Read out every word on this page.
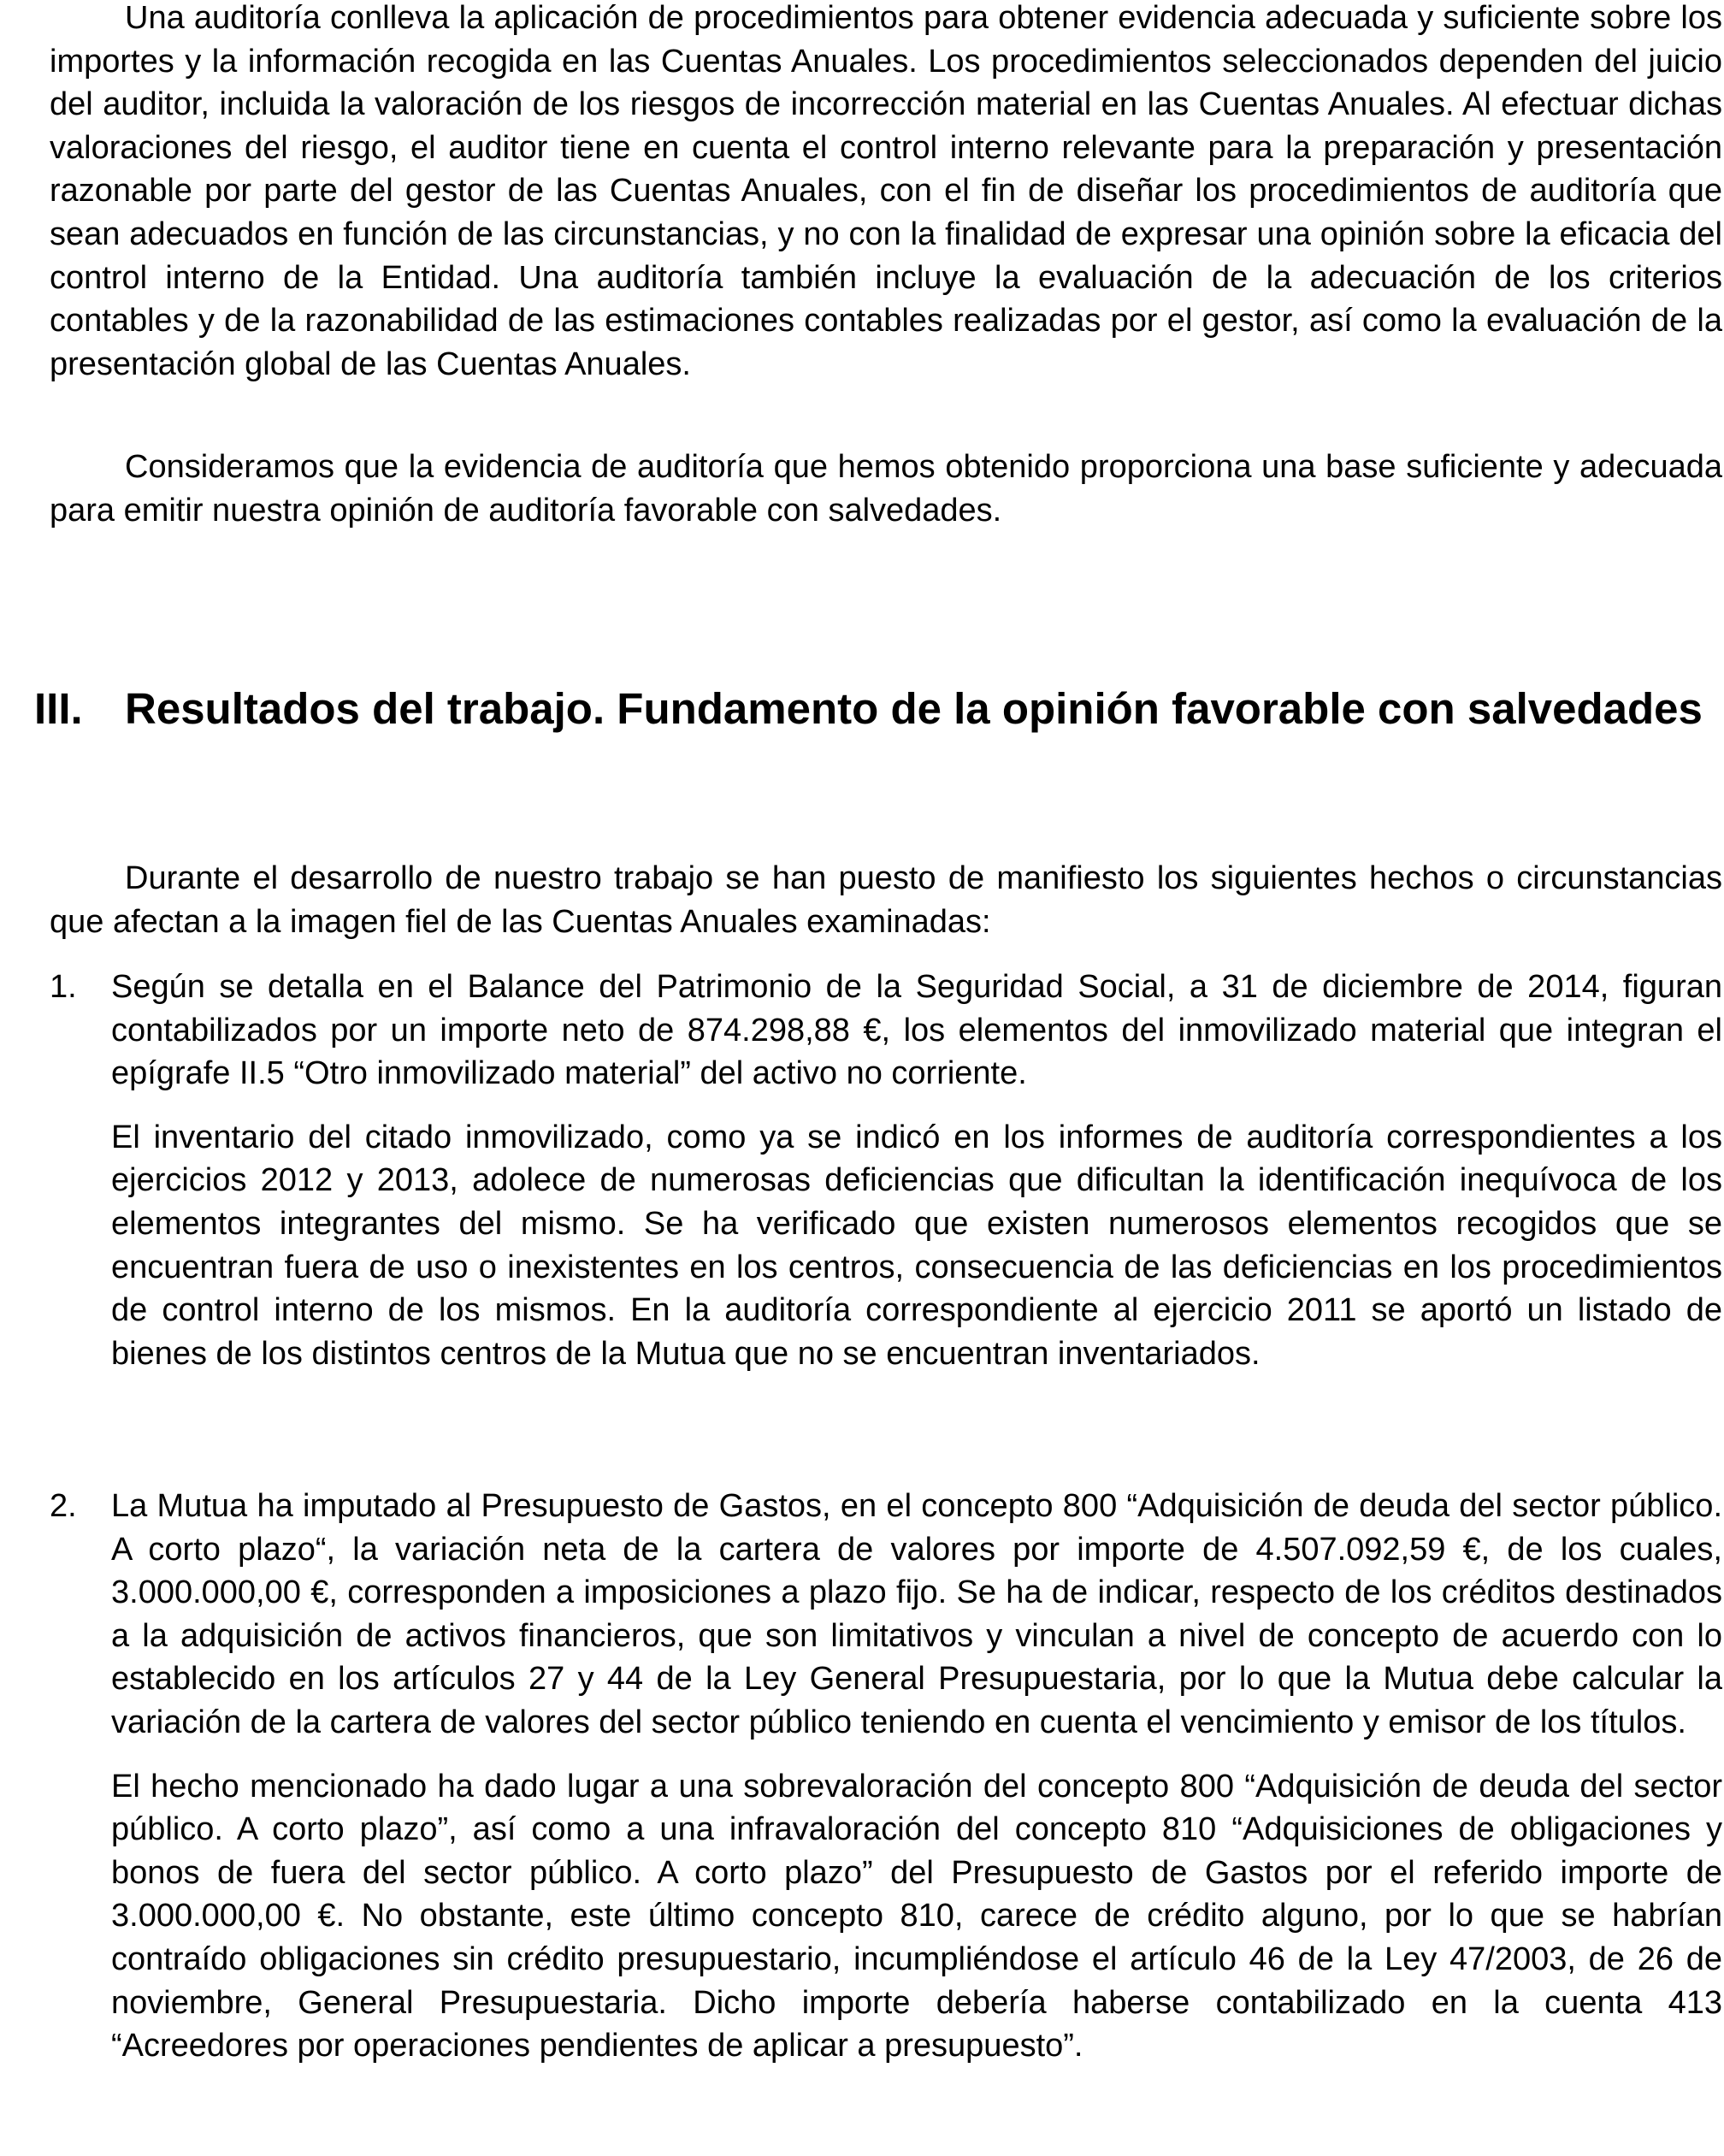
Una auditoría conlleva la aplicación de procedimientos para obtener evidencia adecuada y suficiente sobre los importes y la información recogida en las Cuentas Anuales. Los procedimientos seleccionados dependen del juicio del auditor, incluida la valoración de los riesgos de incorrección material en las Cuentas Anuales. Al efectuar dichas valoraciones del riesgo, el auditor tiene en cuenta el control interno relevante para la preparación y presentación razonable por parte del gestor de las Cuentas Anuales, con el fin de diseñar los procedimientos de auditoría que sean adecuados en función de las circunstancias, y no con la finalidad de expresar una opinión sobre la eficacia del control interno de la Entidad. Una auditoría también incluye la evaluación de la adecuación de los criterios contables y de la razonabilidad de las estimaciones contables realizadas por el gestor, así como la evaluación de la presentación global de las Cuentas Anuales.

Consideramos que la evidencia de auditoría que hemos obtenido proporciona una base suficiente y adecuada para emitir nuestra opinión de auditoría favorable con salvedades.

III. Resultados del trabajo. Fundamento de la opinión favorable con salvedades

Durante el desarrollo de nuestro trabajo se han puesto de manifiesto los siguientes hechos o circunstancias que afectan a la imagen fiel de las Cuentas Anuales examinadas:

1. Según se detalla en el Balance del Patrimonio de la Seguridad Social, a 31 de diciembre de 2014, figuran contabilizados por un importe neto de 874.298,88 €, los elementos del inmovilizado material que integran el epígrafe II.5 “Otro inmovilizado material” del activo no corriente.

El inventario del citado inmovilizado, como ya se indicó en los informes de auditoría correspondientes a los ejercicios 2012 y 2013, adolece de numerosas deficiencias que dificultan la identificación inequívoca de los elementos integrantes del mismo. Se ha verificado que existen numerosos elementos recogidos que se encuentran fuera de uso o inexistentes en los centros, consecuencia de las deficiencias en los procedimientos de control interno de los mismos. En la auditoría correspondiente al ejercicio 2011 se aportó un listado de bienes de los distintos centros de la Mutua que no se encuentran inventariados.

2. La Mutua ha imputado al Presupuesto de Gastos, en el concepto 800 “Adquisición de deuda del sector público. A corto plazo“, la variación neta de la cartera de valores por importe de 4.507.092,59 €, de los cuales, 3.000.000,00 €, corresponden a imposiciones a plazo fijo. Se ha de indicar, respecto de los créditos destinados a la adquisición de activos financieros, que son limitativos y vinculan a nivel de concepto de acuerdo con lo establecido en los artículos 27 y 44 de la Ley General Presupuestaria, por lo que la Mutua debe calcular la variación de la cartera de valores del sector público teniendo en cuenta el vencimiento y emisor de los títulos.

El hecho mencionado ha dado lugar a una sobrevaloración del concepto 800 “Adquisición de deuda del sector público. A corto plazo”, así como a una infravaloración del concepto 810 “Adquisiciones de obligaciones y bonos de fuera del sector público. A corto plazo” del Presupuesto de Gastos por el referido importe de 3.000.000,00 €. No obstante, este último concepto 810, carece de crédito alguno, por lo que se habrían contraído obligaciones sin crédito presupuestario, incumpliéndose el artículo 46 de la Ley 47/2003, de 26 de noviembre, General Presupuestaria. Dicho importe debería haberse contabilizado en la cuenta 413 “Acreedores por operaciones pendientes de aplicar a presupuesto”.
